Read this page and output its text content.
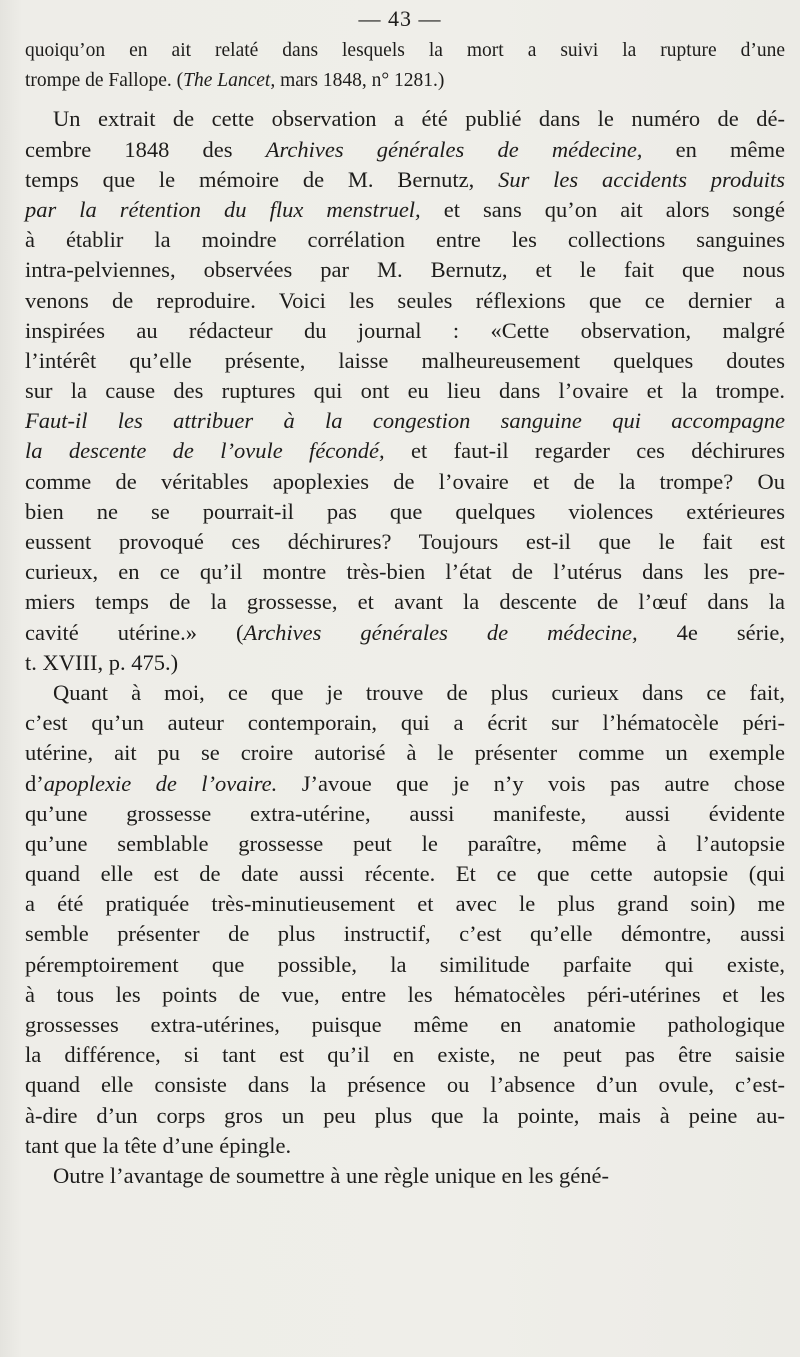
— 43 —
quoiqu’on en ait relaté dans lesquels la mort a suivi la rupture d’une
trompe de Fallope. (The Lancet, mars 1848, n° 1281.)
Un extrait de cette observation a été publié dans le numéro de dé-
cembre 1848 des Archives générales de médecine, en même
temps que le mémoire de M. Bernutz, Sur les accidents produits
par la rétention du flux menstruel, et sans qu’on ait alors songé
à établir la moindre corrélation entre les collections sanguines
intra-pelviennes, observées par M. Bernutz, et le fait que nous
venons de reproduire. Voici les seules réflexions que ce dernier a
inspirées au rédacteur du journal : «Cette observation, malgré
l’intérêt qu’elle présente, laisse malheureusement quelques doutes
sur la cause des ruptures qui ont eu lieu dans l’ovaire et la trompe.
Faut-il les attribuer à la congestion sanguine qui accompagne
la descente de l’ovule fécondé, et faut-il regarder ces déchirures
comme de véritables apoplexies de l’ovaire et de la trompe? Ou
bien ne se pourrait-il pas que quelques violences extérieures
eussent provoqué ces déchirures? Toujours est-il que le fait est
curieux, en ce qu’il montre très-bien l’état de l’utérus dans les pre-
miers temps de la grossesse, et avant la descente de l’œuf dans la
cavité utérine.» (Archives générales de médecine, 4e série,
t. XVIII, p. 475.)
Quant à moi, ce que je trouve de plus curieux dans ce fait,
c’est qu’un auteur contemporain, qui a écrit sur l’hématocèle péri-
utérine, ait pu se croire autorisé à le présenter comme un exemple
d’apoplexie de l’ovaire. J’avoue que je n’y vois pas autre chose
qu’une grossesse extra-utérine, aussi manifeste, aussi évidente
qu’une semblable grossesse peut le paraître, même à l’autopsie
quand elle est de date aussi récente. Et ce que cette autopsie (qui
a été pratiquée très-minutieusement et avec le plus grand soin) me
semble présenter de plus instructif, c’est qu’elle démontre, aussi
péremptoirement que possible, la similitude parfaite qui existe,
à tous les points de vue, entre les hématocèles péri-utérines et les
grossesses extra-utérines, puisque même en anatomie pathologique
la différence, si tant est qu’il en existe, ne peut pas être saisie
quand elle consiste dans la présence ou l’absence d’un ovule, c’est-
à-dire d’un corps gros un peu plus que la pointe, mais à peine au-
tant que la tête d’une épingle.
Outre l’avantage de soumettre à une règle unique en les géné-
